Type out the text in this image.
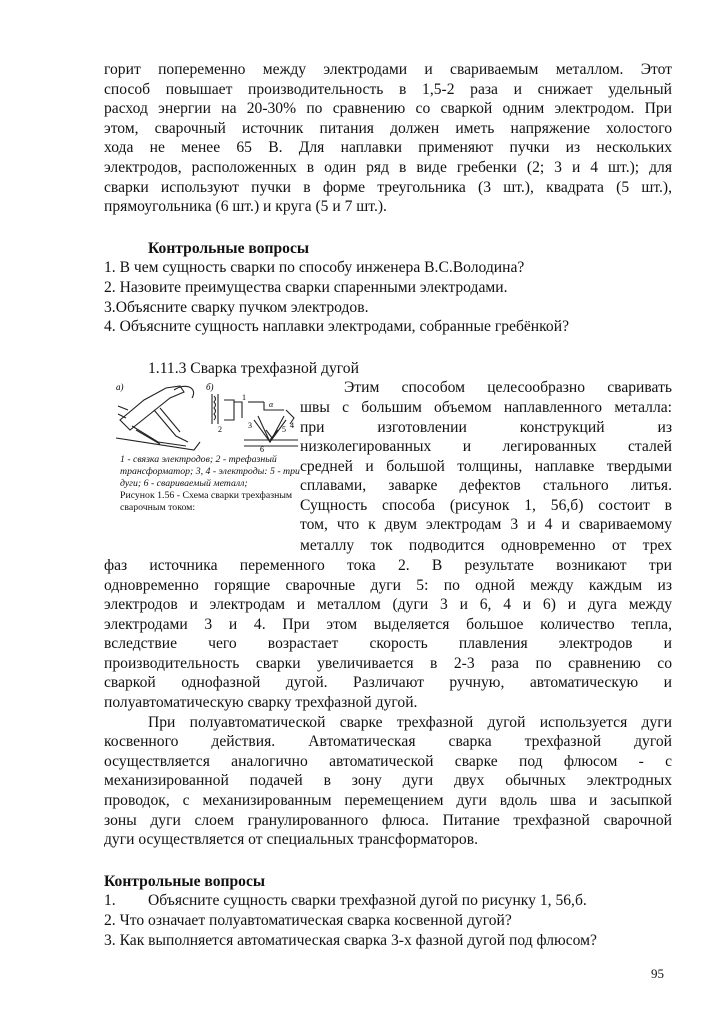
горит попеременно между электродами и свариваемым металлом. Этот
способ повышает производительность в 1,5-2 раза и снижает удельный
расход энергии на 20-30% по сравнению со сваркой одним электродом. При
этом, сварочный источник питания должен иметь напряжение холостого
хода не менее 65 В. Для наплавки применяют пучки из нескольких
электродов, расположенных в один ряд в виде гребенки (2; 3 и 4 шт.); для
сварки используют пучки в форме треугольника (3 шт.), квадрата (5 шт.),
прямоугольника (6 шт.) и круга (5 и 7 шт.).
Контрольные вопросы
1. В чем сущность сварки по способу инженера В.С.Володина?
2. Назовите преимущества сварки спаренными электродами.
3.Объясните сварку пучком электродов.
4. Объясните сущность наплавки электродами, собранные гребёнкой?
1.11.3 Сварка трехфазной дугой
а)	б)
1
α
2	3	5 4
6
1 - связка электродов; 2 - трефазный трансформатор; 3, 4 - электроды: 5 - три дуги; 6 - свариваемый металл;
Рисунок 1.56 - Схема сварки трехфазным сварочным током:
Этим способом целесообразно сваривать
швы с большим объемом наплавленного металла:
при изготовлении конструкций из
низколегированных и легированных сталей
средней и большой толщины, наплавке твердыми
сплавами, заварке дефектов стального литья.
Сущность способа (рисунок 1, 56,б) состоит в
том, что к двум электродам 3 и 4 и свариваемому
металлу ток подводится одновременно от трех
фаз источника переменного тока 2. В результате возникают три
одновременно горящие сварочные дуги 5: по одной между каждым из
электродов и электродам и металлом (дуги 3 и 6, 4 и 6) и дуга между
электродами 3 и 4. При этом выделяется большое количество тепла,
вследствие чего возрастает скорость плавления электродов и
производительность сварки увеличивается в 2-3 раза по сравнению со
сваркой однофазной дугой. Различают ручную, автоматическую и
полуавтоматическую сварку трехфазной дугой.
При полуавтоматической сварке трехфазной дугой используется дуги
косвенного действия. Автоматическая сварка трехфазной дугой
осуществляется аналогично автоматической сварке под флюсом - с
механизированной подачей в зону дуги двух обычных электродных
проводок, с механизированным перемещением дуги вдоль шва и засыпкой
зоны дуги слоем гранулированного флюса. Питание трехфазной сварочной
дуги осуществляется от специальных трансформаторов.
Контрольные вопросы
1. Объясните сущность сварки трехфазной дугой по рисунку 1, 56,б.
2. Что означает полуавтоматическая сварка косвенной дугой?
3. Как выполняется автоматическая сварка 3-х фазной дугой под флюсом?
95
